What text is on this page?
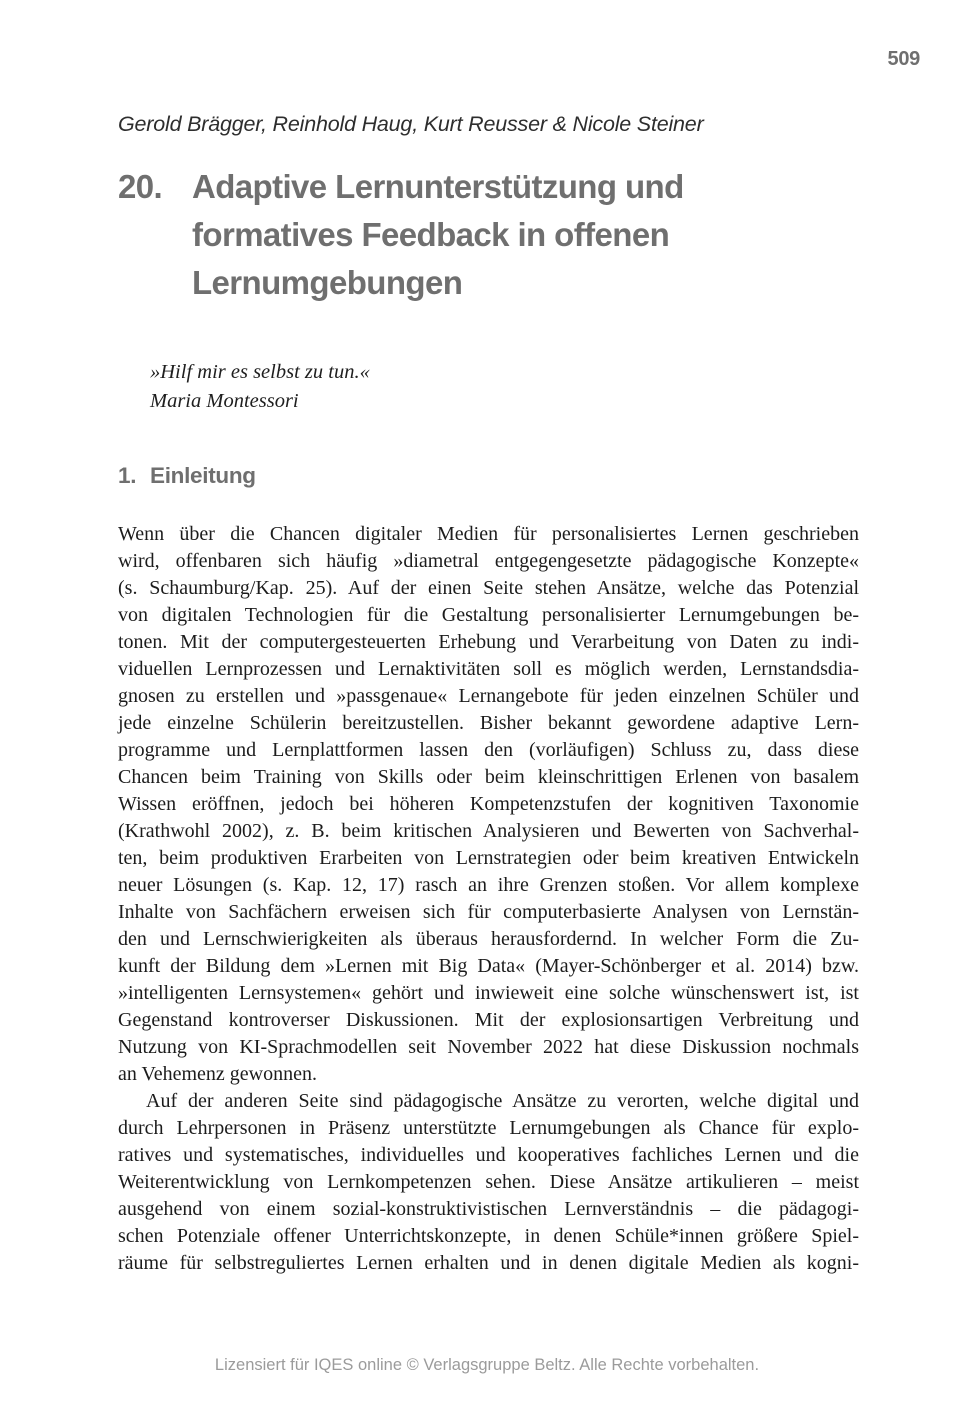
509
Gerold Brägger, Reinhold Haug, Kurt Reusser & Nicole Steiner
20. Adaptive Lernunterstützung und
formatives Feedback in offenen
Lernumgebungen
»Hilf mir es selbst zu tun.«
Maria Montessori
1. Einleitung
Wenn über die Chancen digitaler Medien für personalisiertes Lernen geschrieben
wird, offenbaren sich häufig »diametral entgegengesetzte pädagogische Konzepte«
(s. Schaumburg/Kap. 25). Auf der einen Seite stehen Ansätze, welche das Potenzial
von digitalen Technologien für die Gestaltung personalisierter Lernumgebungen be-
tonen. Mit der computergesteuerten Erhebung und Verarbeitung von Daten zu indi-
viduellen Lernprozessen und Lernaktivitäten soll es möglich werden, Lernstandsdia-
gnosen zu erstellen und »passgenaue« Lernangebote für jeden einzelnen Schüler und
jede einzelne Schülerin bereitzustellen. Bisher bekannt gewordene adaptive Lern-
programme und Lernplattformen lassen den (vorläufigen) Schluss zu, dass diese
Chancen beim Training von Skills oder beim kleinschrittigen Erlenen von basalem
Wissen eröffnen, jedoch bei höheren Kompetenzstufen der kognitiven Taxonomie
(Krathwohl 2002), z. B. beim kritischen Analysieren und Bewerten von Sachverhal-
ten, beim produktiven Erarbeiten von Lernstrategien oder beim kreativen Entwickeln
neuer Lösungen (s. Kap. 12, 17) rasch an ihre Grenzen stoßen. Vor allem komplexe
Inhalte von Sachfächern erweisen sich für computerbasierte Analysen von Lernstän-
den und Lernschwierigkeiten als überaus herausfordernd. In welcher Form die Zu-
kunft der Bildung dem »Lernen mit Big Data« (Mayer-Schönberger et al. 2014) bzw.
»intelligenten Lernsystemen« gehört und inwieweit eine solche wünschenswert ist, ist
Gegenstand kontroverser Diskussionen. Mit der explosionsartigen Verbreitung und
Nutzung von KI-Sprachmodellen seit November 2022 hat diese Diskussion nochmals
an Vehemenz gewonnen.
Auf der anderen Seite sind pädagogische Ansätze zu verorten, welche digital und
durch Lehrpersonen in Präsenz unterstützte Lernumgebungen als Chance für explo-
ratives und systematisches, individuelles und kooperatives fachliches Lernen und die
Weiterentwicklung von Lernkompetenzen sehen. Diese Ansätze artikulieren – meist
ausgehend von einem sozial-konstruktivistischen Lernverständnis – die pädagogi-
schen Potenziale offener Unterrichtskonzepte, in denen Schüle*innen größere Spiel-
räume für selbstreguliertes Lernen erhalten und in denen digitale Medien als kogni-
Lizensiert für IQES online © Verlagsgruppe Beltz. Alle Rechte vorbehalten.
